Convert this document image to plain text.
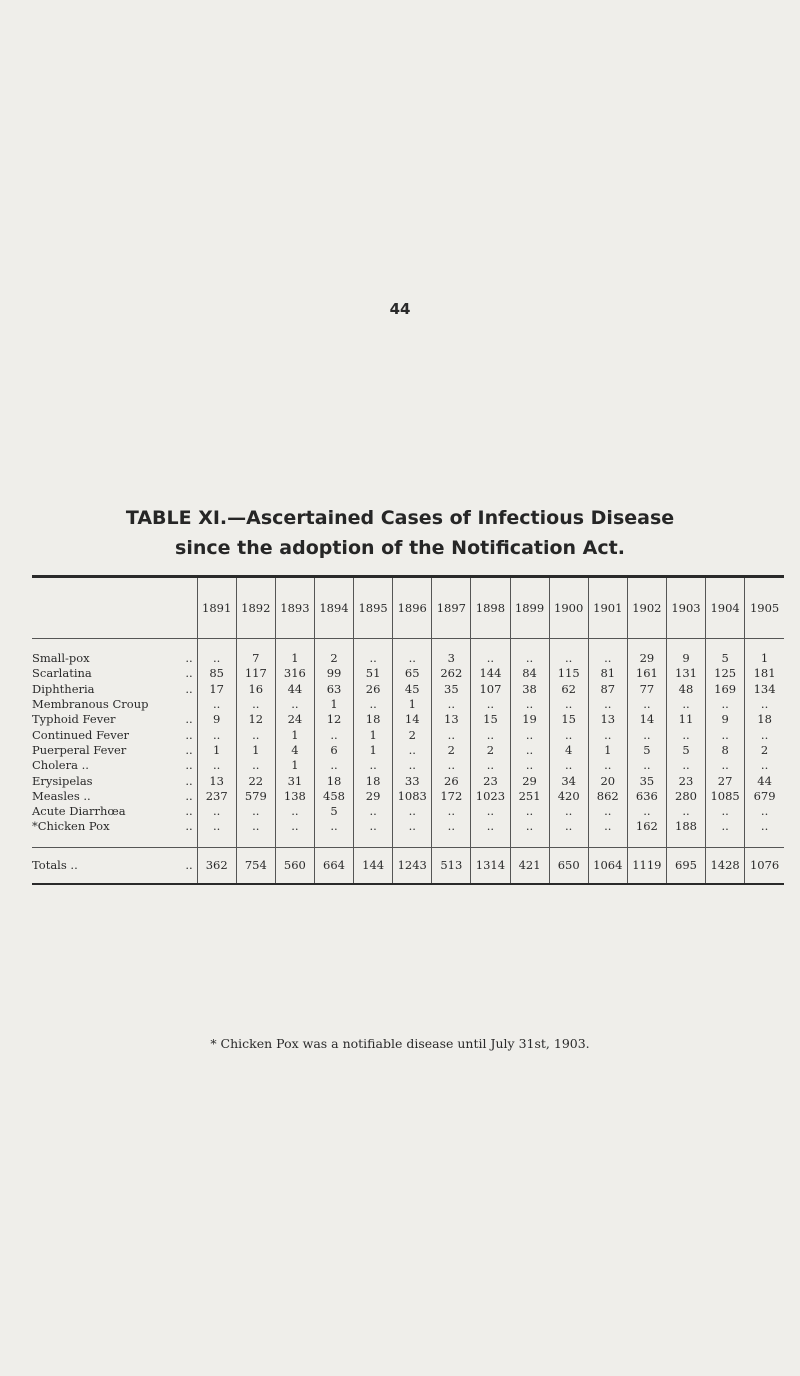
44
TABLE XI.—Ascertained Cases of Infectious Disease
since the adoption of the Notification Act.
	1891	1892	1893	1894	1895	1896	1897	1898	1899	1900	1901	1902	1903	1904	1905

Small-pox ..	..	7	1	2	..	..	3	..	..	..	..	29	9	5	1
Scarlatina ..	85	117	316	99	51	65	262	144	84	115	81	161	131	125	181
Diphtheria ..	17	16	44	63	26	45	35	107	38	62	87	77	48	169	134
Membranous Croup	..	..	..	1	..	1	..	..	..	..	..	..	..	..	..
Typhoid Fever ..	9	12	24	12	18	14	13	15	19	15	13	14	11	9	18
Continued Fever ..	..	..	1	..	1	2	..	..	..	..	..	..	..	..	..
Puerperal Fever ..	1	1	4	6	1	..	2	2	..	4	1	5	5	8	2
Cholera .. ..	..	..	1	..	..	..	..	..	..	..	..	..	..	..	..
Erysipelas ..	13	22	31	18	18	33	26	23	29	34	20	35	23	27	44
Measles .. ..	237	579	138	458	29	1083	172	1023	251	420	862	636	280	1085	679
Acute Diarrhœa ..	..	..	..	5	..	..	..	..	..	..	..	..	..	..	..
*Chicken Pox ..	..	..	..	..	..	..	..	..	..	..	..	162	188	..	..

Totals .. ..	362	754	560	664	144	1243	513	1314	421	650	1064	1119	695	1428	1076

* Chicken Pox was a notifiable disease until July 31st, 1903.
